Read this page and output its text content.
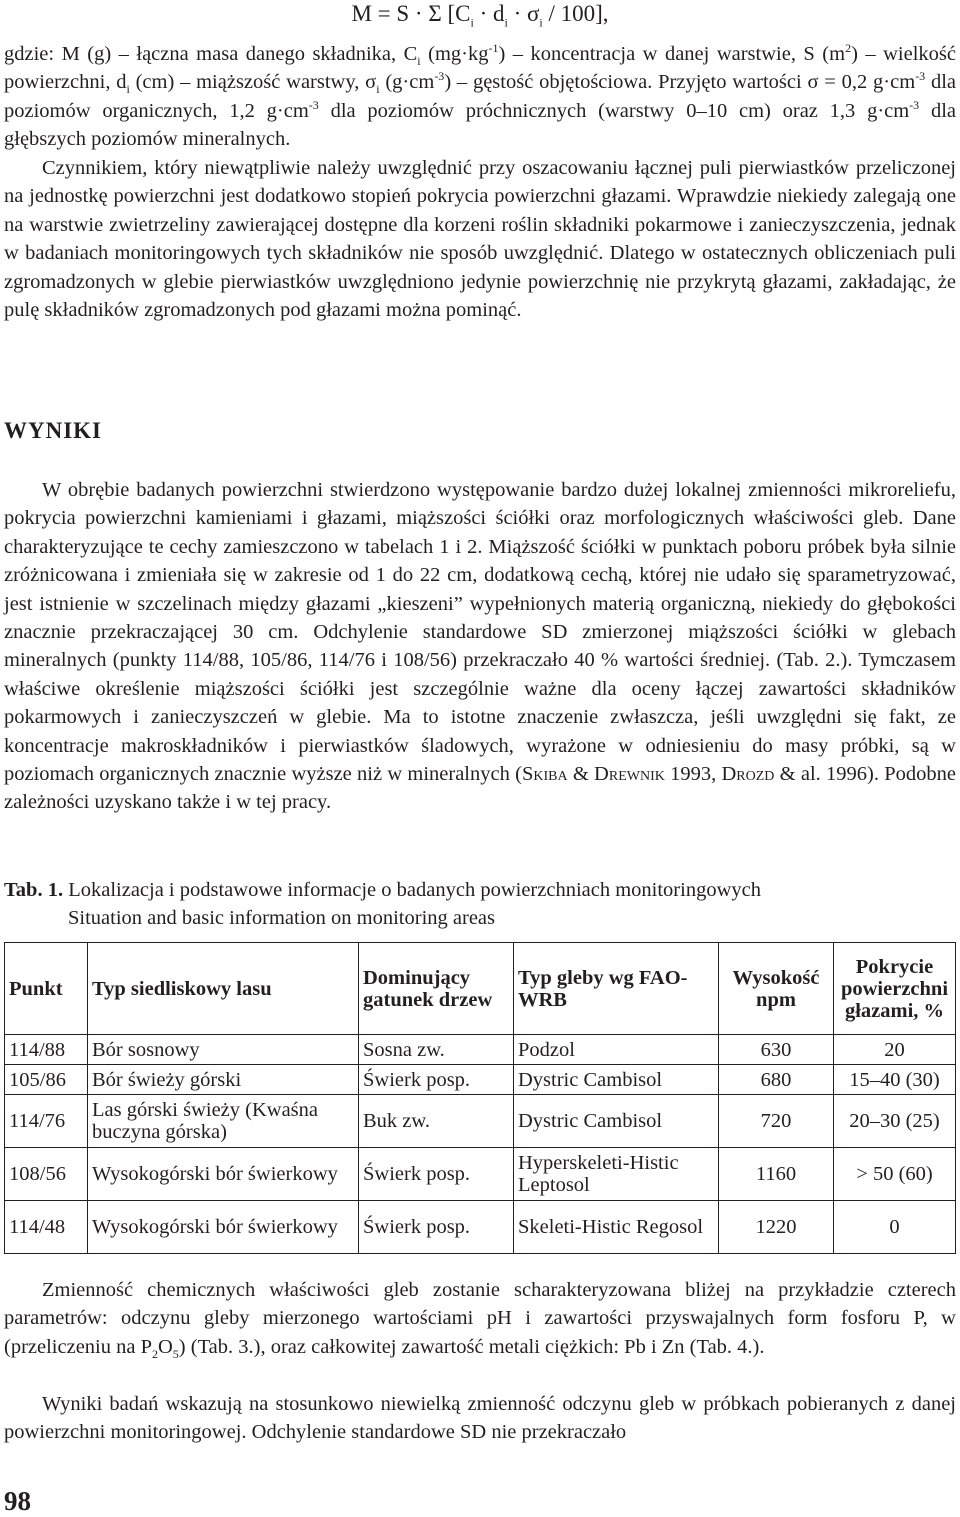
M = S · Σ $[C_i \cdot d_i \cdot \sigma_i / 100]$,

gdzie: M (g) – łączna masa danego składnika, $C_i$ $(mg\cdot kg^{-1})$ – koncentracja w danej warstwie, S $(m^2)$ – wielkość powierzchni, $d_i$ (cm) – miąższość warstwy, $\sigma_i$ $(g\cdot cm^{-3})$ – gęstość objętościowa. Przyjęto wartości σ = 0,2 $g\cdot cm^{-3}$ dla poziomów organicznych, 1,2 $g\cdot cm^{-3}$ dla poziomów próchnicznych (warstwy 0–10 cm) oraz 1,3 $g\cdot cm^{-3}$ dla głębszych poziomów mineralnych.

Czynnikiem, który niewątpliwie należy uwzględnić przy oszacowaniu łącznej puli pierwiastków przeliczonej na jednostkę powierzchni jest dodatkowo stopień pokrycia powierzchni głazami. Wprawdzie niekiedy zalegają one na warstwie zwietrzeliny zawierającej dostępne dla korzeni roślin składniki pokarmowe i zanieczyszczenia, jednak w badaniach monitoringowych tych składników nie sposób uwzględnić. Dlatego w ostatecznych obliczeniach puli zgromadzonych w glebie pierwiastków uwzględniono jedynie powierzchnię nie przykrytą głazami, zakładając, że pulę składników zgromadzonych pod głazami można pominąć.

WYNIKI

W obrębie badanych powierzchni stwierdzono występowanie bardzo dużej lokalnej zmienności mikroreliefu, pokrycia powierzchni kamieniami i głazami, miąższości ściółki oraz morfologicznych właściwości gleb. Dane charakteryzujące te cechy zamieszczono w tabelach 1 i 2. Miąższość ściółki w punktach poboru próbek była silnie zróżnicowana i zmieniała się w zakresie od 1 do 22 cm, dodatkową cechą, której nie udało się sparametryzować, jest istnienie w szczelinach między głazami „kieszeni” wypełnionych materią organiczną, niekiedy do głębokości znacznie przekraczającej 30 cm. Odchylenie standardowe SD zmierzonej miąższości ściółki w glebach mineralnych (punkty 114/88, 105/86, 114/76 i 108/56) przekraczało 40 % wartości średniej. (Tab. 2.). Tymczasem właściwe określenie miąższości ściółki jest szczególnie ważne dla oceny łączej zawartości składników pokarmowych i zanieczyszczeń w glebie. Ma to istotne znaczenie zwłaszcza, jeśli uwzględni się fakt, ze koncentracje makroskładników i pierwiastków śladowych, wyrażone w odniesieniu do masy próbki, są w poziomach organicznych znacznie wyższe niż w mineralnych (Skiba & Drewnik 1993, Drozd & al. 1996). Podobne zależności uzyskano także i w tej pracy.

Tab. 1. Lokalizacja i podstawowe informacje o badanych powierzchniach monitoringowych
Situation and basic information on monitoring areas
Punkt	Typ siedliskowy lasu	Dominujący gatunek drzew	Typ gleby wg FAO-WRB	Wysokość npm	Pokrycie powierzchni głazami, %
114/88	Bór sosnowy	Sosna zw.	Podzol	630	20
105/86	Bór świeży górski	Świerk posp.	Dystric Cambisol	680	15–40 (30)
114/76	Las górski świeży (Kwaśna buczyna górska)	Buk zw.	Dystric Cambisol	720	20–30 (25)
108/56	Wysokogórski bór świerkowy	Świerk posp.	Hyperskeleti-Histic Leptosol	1160	> 50 (60)
114/48	Wysokogórski bór świerkowy	Świerk posp.	Skeleti-Histic Regosol	1220	0

Zmienność chemicznych właściwości gleb zostanie scharakteryzowana bliżej na przykładzie czterech parametrów: odczynu gleby mierzonego wartościami pH i zawartości przyswajalnych form fosforu P, w (przeliczeniu na $P_2O_5$) (Tab. 3.), oraz całkowitej zawartość metali ciężkich: Pb i Zn (Tab. 4.).

Wyniki badań wskazują na stosunkowo niewielką zmienność odczynu gleb w próbkach pobieranych z danej powierzchni monitoringowej. Odchylenie standardowe SD nie przekraczało

98
